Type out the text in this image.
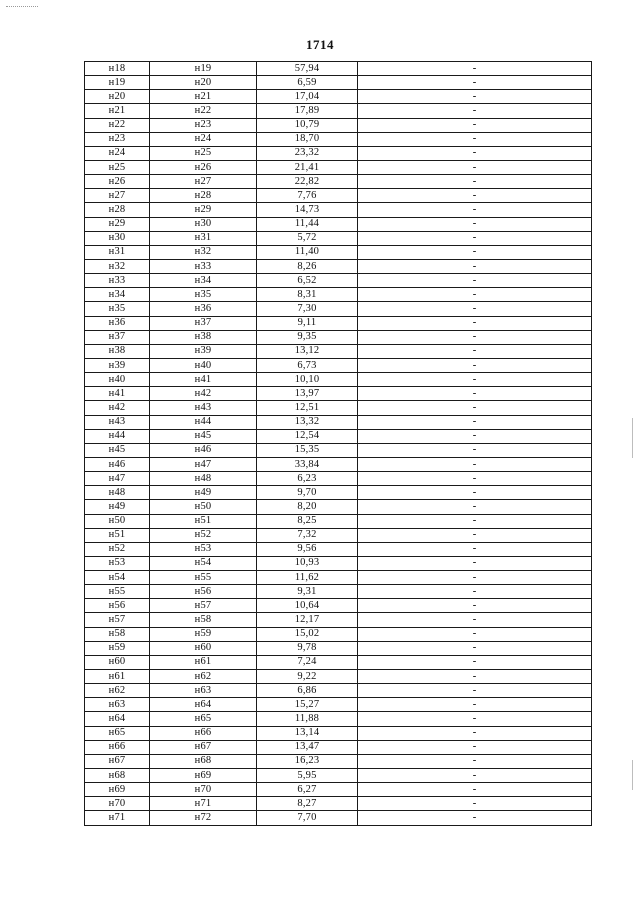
1714
н18	н19	57,94	-
н19	н20	6,59	-
н20	н21	17,04	-
н21	н22	17,89	-
н22	н23	10,79	-
н23	н24	18,70	-
н24	н25	23,32	-
н25	н26	21,41	-
н26	н27	22,82	-
н27	н28	7,76	-
н28	н29	14,73	-
н29	н30	11,44	-
н30	н31	5,72	-
н31	н32	11,40	-
н32	н33	8,26	-
н33	н34	6,52	-
н34	н35	8,31	-
н35	н36	7,30	-
н36	н37	9,11	-
н37	н38	9,35	-
н38	н39	13,12	-
н39	н40	6,73	-
н40	н41	10,10	-
н41	н42	13,97	-
н42	н43	12,51	-
н43	н44	13,32	-
н44	н45	12,54	-
н45	н46	15,35	-
н46	н47	33,84	-
н47	н48	6,23	-
н48	н49	9,70	-
н49	н50	8,20	-
н50	н51	8,25	-
н51	н52	7,32	-
н52	н53	9,56	-
н53	н54	10,93	-
н54	н55	11,62	-
н55	н56	9,31	-
н56	н57	10,64	-
н57	н58	12,17	-
н58	н59	15,02	-
н59	н60	9,78	-
н60	н61	7,24	-
н61	н62	9,22	-
н62	н63	6,86	-
н63	н64	15,27	-
н64	н65	11,88	-
н65	н66	13,14	-
н66	н67	13,47	-
н67	н68	16,23	-
н68	н69	5,95	-
н69	н70	6,27	-
н70	н71	8,27	-
н71	н72	7,70	-
